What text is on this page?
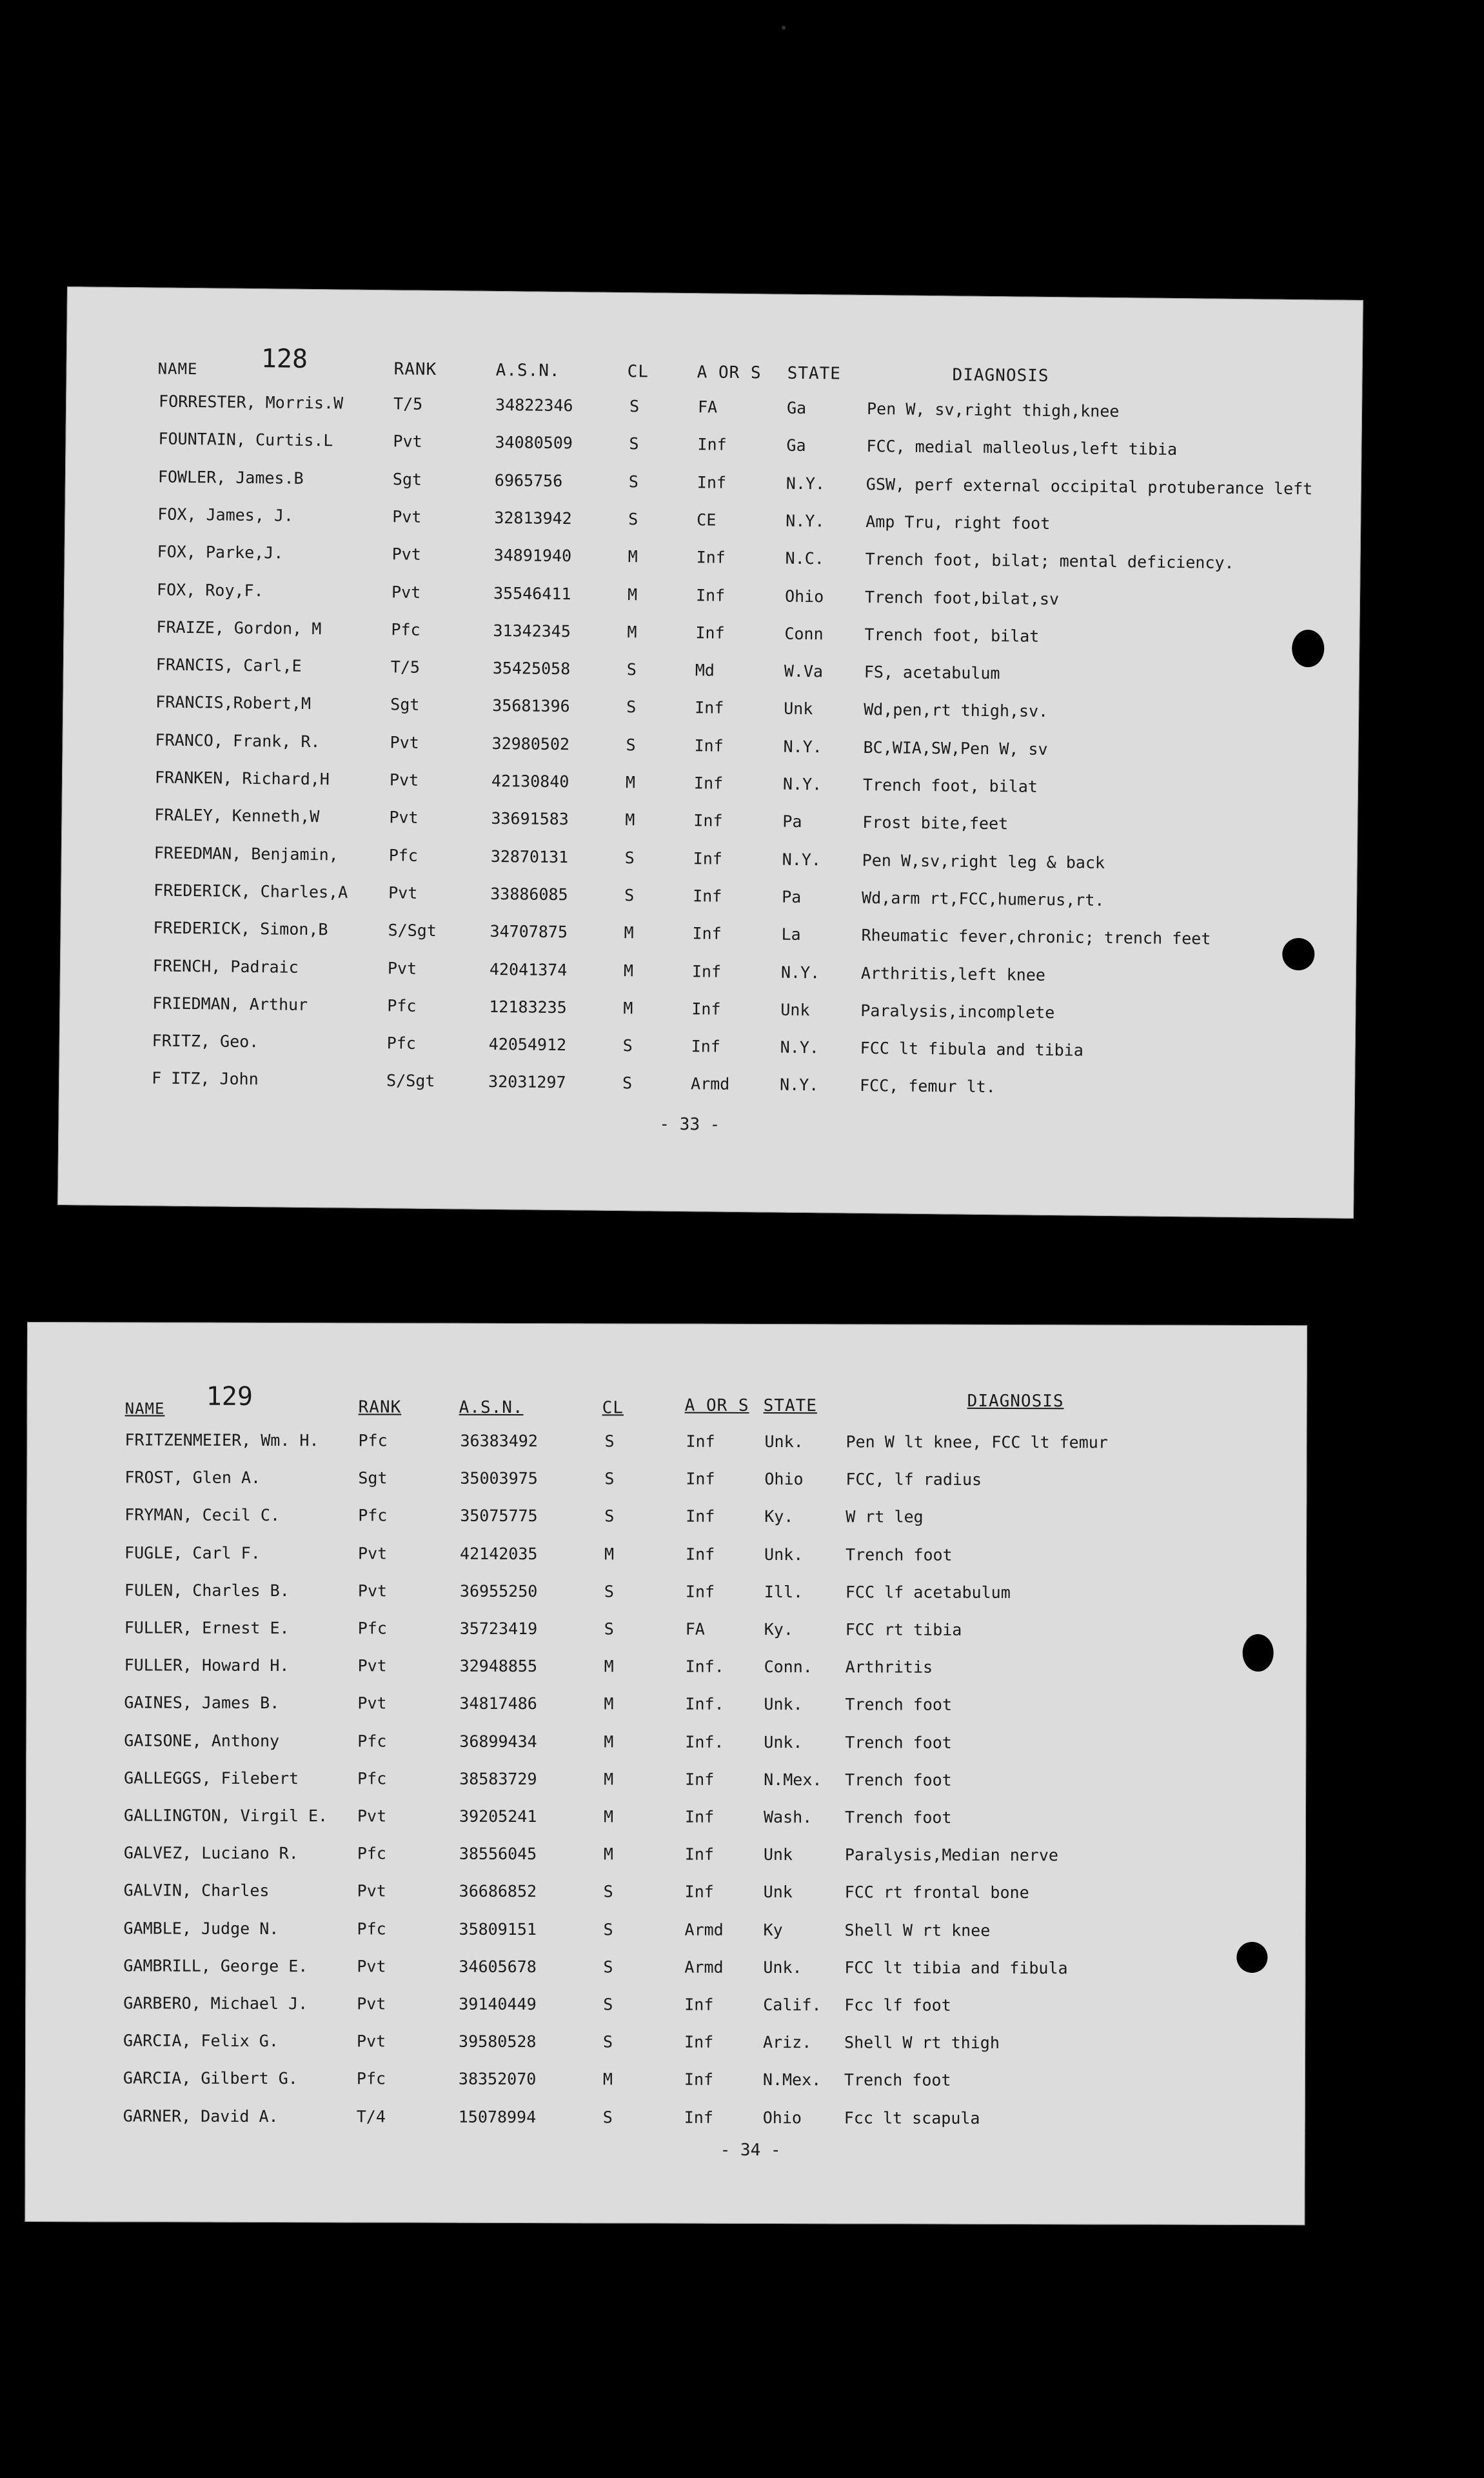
NAME 128	RANK	A.S.N.	CL	A OR S STATE	DIAGNOSIS
FORRESTER, Morris.W	T/5	34822346	S	FA	Ga	Pen W, sv,right thigh,knee
FOUNTAIN, Curtis.L	Pvt	34080509	S	Inf	Ga	FCC, medial malleolus,left tibia
FOWLER, James.B	Sgt	6965756	S	Inf	N.Y.	GSW, perf external occipital protuberance left
FOX, James, J.	Pvt	32813942	S	CE	N.Y.	Amp Tru, right foot
FOX, Parke,J.	Pvt	34891940	M	Inf	N.C.	Trench foot, bilat; mental deficiency.
FOX, Roy,F.	Pvt	35546411	M	Inf	Ohio	Trench foot,bilat,sv
FRAIZE, Gordon, M	Pfc	31342345	M	Inf	Conn	Trench foot, bilat
FRANCIS, Carl,E	T/5	35425058	S	Md	W.Va	FS, acetabulum
FRANCIS,Robert,M	Sgt	35681396	S	Inf	Unk	Wd,pen,rt thigh,sv.
FRANCO, Frank, R.	Pvt	32980502	S	Inf	N.Y.	BC,WIA,SW,Pen W, sv
FRANKEN, Richard,H	Pvt	42130840	M	Inf	N.Y.	Trench foot, bilat
FRALEY, Kenneth,W	Pvt	33691583	M	Inf	Pa	Frost bite,feet
FREEDMAN, Benjamin,	Pfc	32870131	S	Inf	N.Y.	Pen W,sv,right leg & back
FREDERICK, Charles,A	Pvt	33886085	S	Inf	Pa	Wd,arm rt,FCC,humerus,rt.
FREDERICK, Simon,B	S/Sgt	34707875	M	Inf	La	Rheumatic fever,chronic; trench feet
FRENCH, Padraic	Pvt	42041374	M	Inf	N.Y.	Arthritis,left knee
FRIEDMAN, Arthur	Pfc	12183235	M	Inf	Unk	Paralysis,incomplete
FRITZ, Geo.	Pfc	42054912	S	Inf	N.Y.	FCC lt fibula and tibia
F ITZ, John	S/Sgt	32031297	S	Armd	N.Y.	FCC, femur lt.
- 33 -
NAME 129	RANK	A.S.N.	CL	A OR S STATE	DIAGNOSIS
FRITZENMEIER, Wm. H. Pfc	36383492	S	Inf	Unk.	Pen W lt knee, FCC lt femur
FROST, Glen A.	Sgt	35003975	S	Inf	Ohio	FCC, lf radius
FRYMAN, Cecil C.	Pfc	35075775	S	Inf	Ky.	W rt leg
FUGLE, Carl F.	Pvt	42142035	M	Inf	Unk.	Trench foot
FULEN, Charles B.	Pvt	36955250	S	Inf	Ill.	FCC lf acetabulum
FULLER, Ernest E.	Pfc	35723419	S	FA	Ky.	FCC rt tibia
FULLER, Howard H.	Pvt	32948855	M	Inf. Conn. Arthritis
GAINES, James B.	Pvt	34817486	M	Inf. Unk.	Trench foot
GAISONE, Anthony	Pfc	36899434	M	Inf. Unk.	Trench foot
GALLEGGS, Filebert	Pfc	38583729	M	Inf	N.Mex. Trench foot
GALLINGTON, Virgil E. Pvt	39205241	M	Inf	Wash. Trench foot
GALVEZ, Luciano R.	Pfc	38556045	M	Inf	Unk	Paralysis,Median nerve
GALVIN, Charles	Pvt	36686852	S	Inf	Unk	FCC rt frontal bone
GAMBLE, Judge N.	Pfc	35809151	S	Armd Ky	Shell W rt knee
GAMBRILL, George E.	Pvt	34605678	S	Armd Unk.	FCC lt tibia and fibula
GARBERO, Michael J.	Pvt	39140449	S	Inf	Calif. Fcc lf foot
GARCIA, Felix G.	Pvt	39580528	S	Inf	Ariz. Shell W rt thigh
GARCIA, Gilbert G.	Pfc	38352070	M	Inf	N.Mex. Trench foot
GARNER, David A.	T/4	15078994	S	Inf	Ohio	Fcc lt scapula
- 34 -
